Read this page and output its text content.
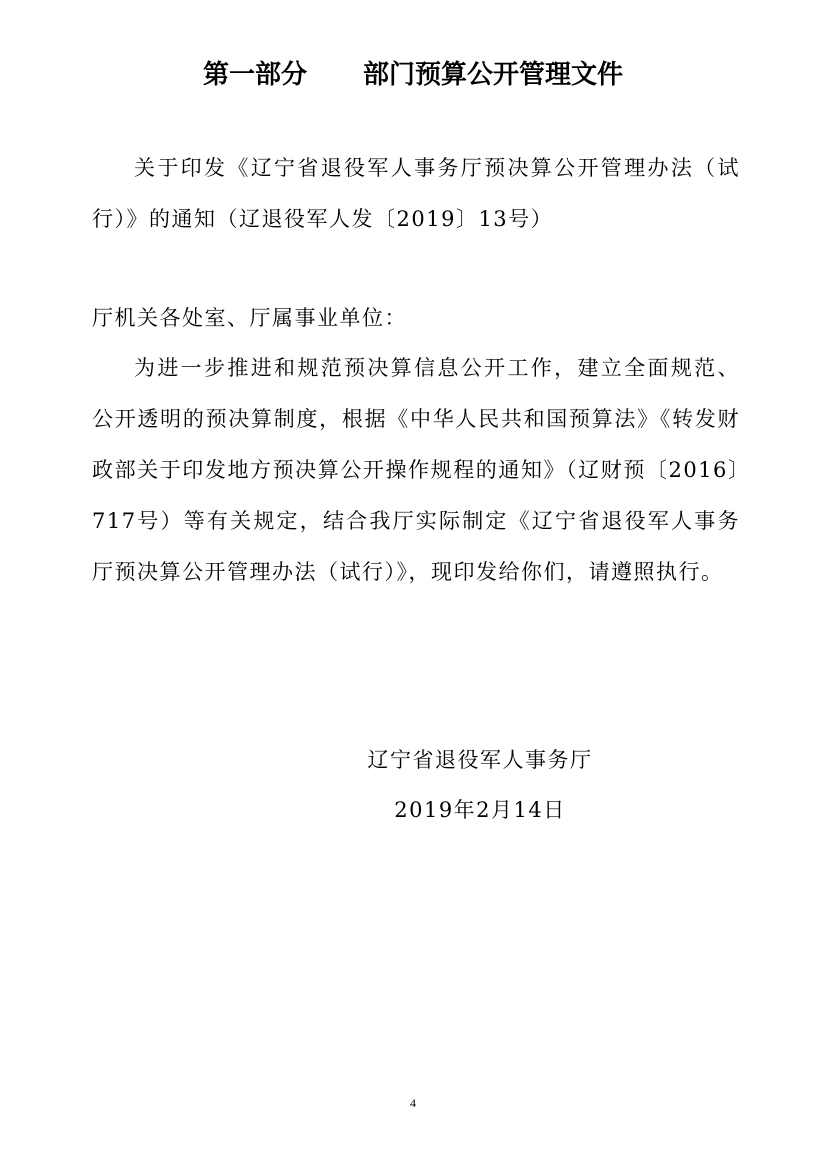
第一部分 部门预算公开管理文件

关于印发《辽宁省退役军人事务厅预决算公开管理办法（试行）》的通知（辽退役军人发〔2019〕13号）

厅机关各处室、厅属事业单位：

为进一步推进和规范预决算信息公开工作，建立全面规范、公开透明的预决算制度，根据《中华人民共和国预算法》《转发财政部关于印发地方预决算公开操作规程的通知》（辽财预〔2016〕717号）等有关规定，结合我厅实际制定《辽宁省退役军人事务厅预决算公开管理办法（试行）》，现印发给你们，请遵照执行。

辽宁省退役军人事务厅
2019年2月14日
4
